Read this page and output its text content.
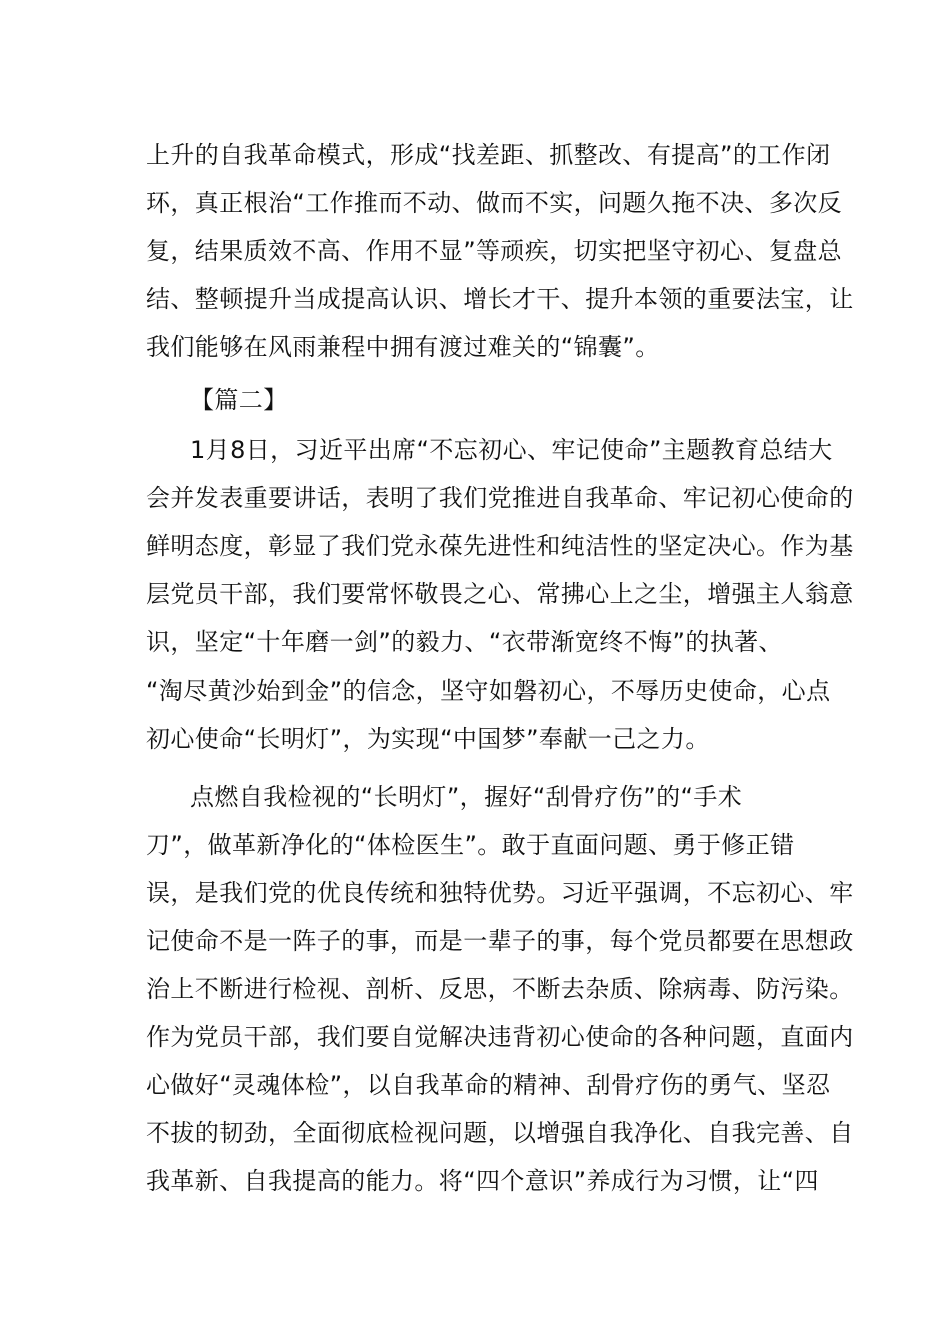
上升的自我革命模式，形成“找差距、抓整改、有提高”的工作闭
环，真正根治“工作推而不动、做而不实，问题久拖不决、多次反
复，结果质效不高、作用不显”等顽疾，切实把坚守初心、复盘总
结、整顿提升当成提高认识、增长才干、提升本领的重要法宝，让
我们能够在风雨兼程中拥有渡过难关的“锦囊”。
【篇二】
1月8日，习近平出席“不忘初心、牢记使命”主题教育总结大
会并发表重要讲话，表明了我们党推进自我革命、牢记初心使命的
鲜明态度，彰显了我们党永葆先进性和纯洁性的坚定决心。作为基
层党员干部，我们要常怀敬畏之心、常拂心上之尘，增强主人翁意
识，坚定“十年磨一剑”的毅力、“衣带渐宽终不悔”的执著、
“淘尽黄沙始到金”的信念，坚守如磐初心，不辱历史使命，心点
初心使命“长明灯”，为实现“中国梦”奉献一己之力。
点燃自我检视的“长明灯”，握好“刮骨疗伤”的“手术
刀”，做革新净化的“体检医生”。敢于直面问题、勇于修正错
误，是我们党的优良传统和独特优势。习近平强调，不忘初心、牢
记使命不是一阵子的事，而是一辈子的事，每个党员都要在思想政
治上不断进行检视、剖析、反思，不断去杂质、除病毒、防污染。
作为党员干部，我们要自觉解决违背初心使命的各种问题，直面内
心做好“灵魂体检”，以自我革命的精神、刮骨疗伤的勇气、坚忍
不拔的韧劲，全面彻底检视问题，以增强自我净化、自我完善、自
我革新、自我提高的能力。将“四个意识”养成行为习惯，让“四
